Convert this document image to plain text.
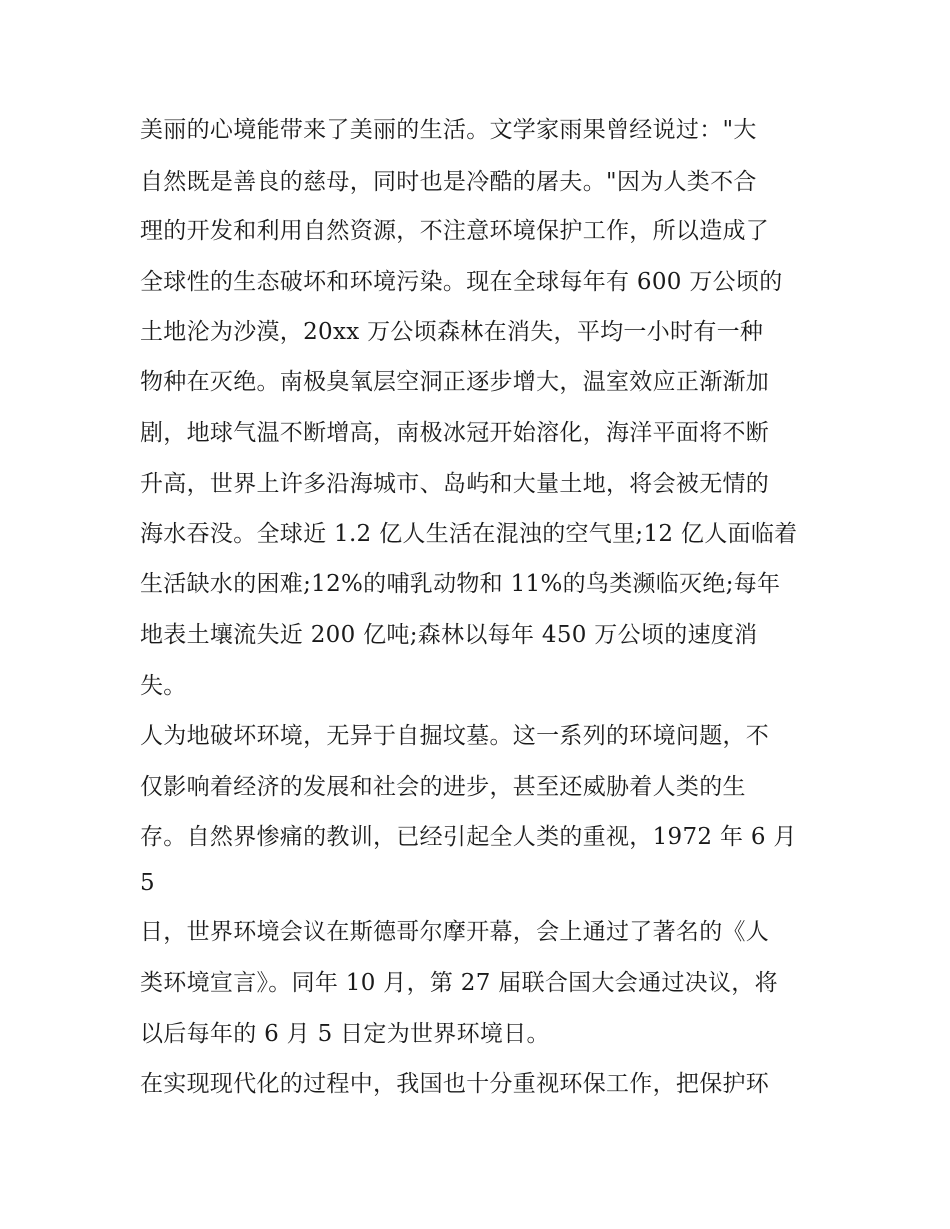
美丽的心境能带来了美丽的生活。文学家雨果曾经说过："大
自然既是善良的慈母，同时也是冷酷的屠夫。"因为人类不合
理的开发和利用自然资源，不注意环境保护工作，所以造成了
全球性的生态破坏和环境污染。现在全球每年有 600 万公顷的
土地沦为沙漠，20xx 万公顷森林在消失，平均一小时有一种
物种在灭绝。南极臭氧层空洞正逐步增大，温室效应正渐渐加
剧，地球气温不断增高，南极冰冠开始溶化，海洋平面将不断
升高，世界上许多沿海城市、岛屿和大量土地，将会被无情的
海水吞没。全球近 1.2 亿人生活在混浊的空气里;12 亿人面临着
生活缺水的困难;12%的哺乳动物和 11%的鸟类濒临灭绝;每年
地表土壤流失近 200 亿吨;森林以每年 450 万公顷的速度消
失。
人为地破坏环境，无异于自掘坟墓。这一系列的环境问题，不
仅影响着经济的发展和社会的进步，甚至还威胁着人类的生
存。自然界惨痛的教训，已经引起全人类的重视，1972 年 6 月
5
日，世界环境会议在斯德哥尔摩开幕，会上通过了著名的《人
类环境宣言》。同年 10 月，第 27 届联合国大会通过决议，将
以后每年的 6 月 5 日定为世界环境日。
在实现现代化的过程中，我国也十分重视环保工作，把保护环
